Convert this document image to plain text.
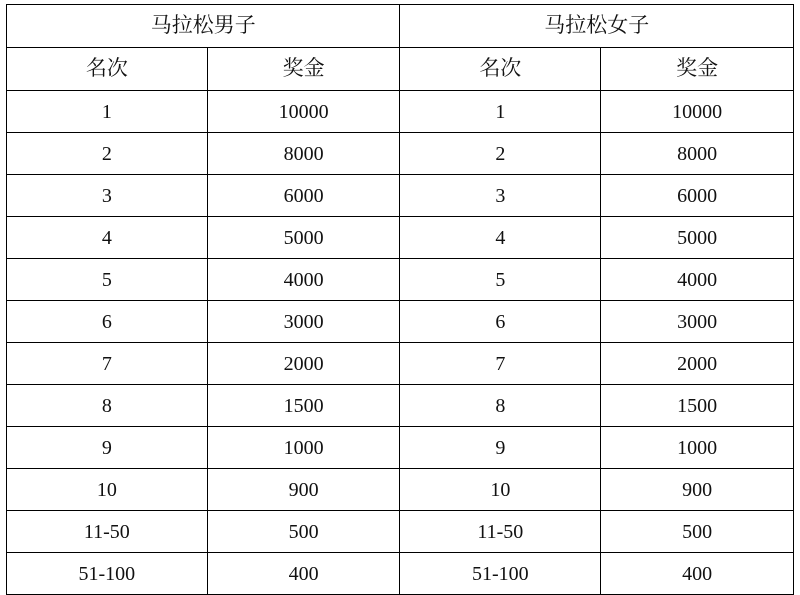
马拉松男子		马拉松女子	
名次	奖金	名次	奖金
1	10000	1	10000
2	8000	2	8000
3	6000	3	6000
4	5000	4	5000
5	4000	5	4000
6	3000	6	3000
7	2000	7	2000
8	1500	8	1500
9	1000	9	1000
10	900	10	900
11-50	500	11-50	500
51-100	400	51-100	400
